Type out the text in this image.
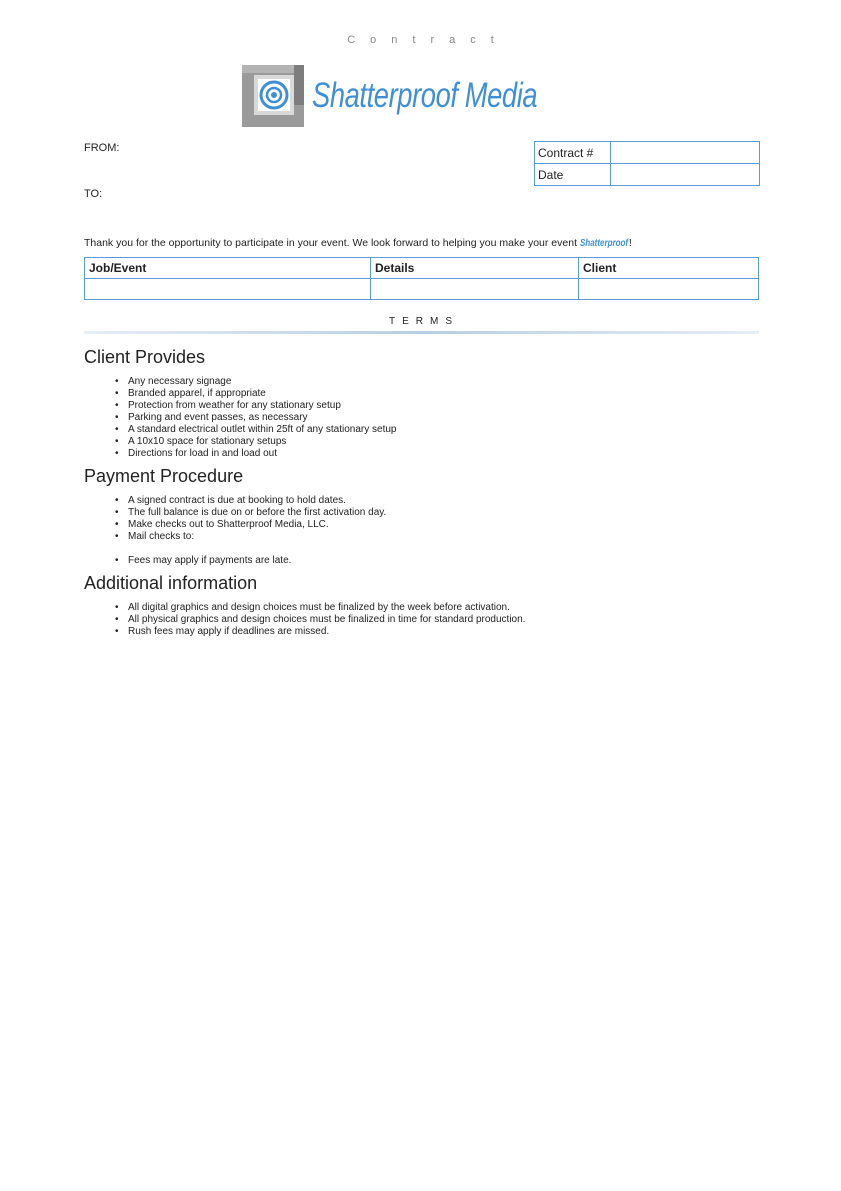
Contract
Shatterproof Media
FROM:
TO:
Contract #	
Date	
Thank you for the opportunity to participate in your event. We look forward to helping you make your event Shatterproof!
Job/Event	Details	Client

TERMS
Client Provides
• Any necessary signage
• Branded apparel, if appropriate
• Protection from weather for any stationary setup
• Parking and event passes, as necessary
• A standard electrical outlet within 25ft of any stationary setup
• A 10x10 space for stationary setups
• Directions for load in and load out
Payment Procedure
• A signed contract is due at booking to hold dates.
• The full balance is due on or before the first activation day.
• Make checks out to Shatterproof Media, LLC.
• Mail checks to:
• Fees may apply if payments are late.
Additional information
• All digital graphics and design choices must be finalized by the week before activation.
• All physical graphics and design choices must be finalized in time for standard production.
• Rush fees may apply if deadlines are missed.
